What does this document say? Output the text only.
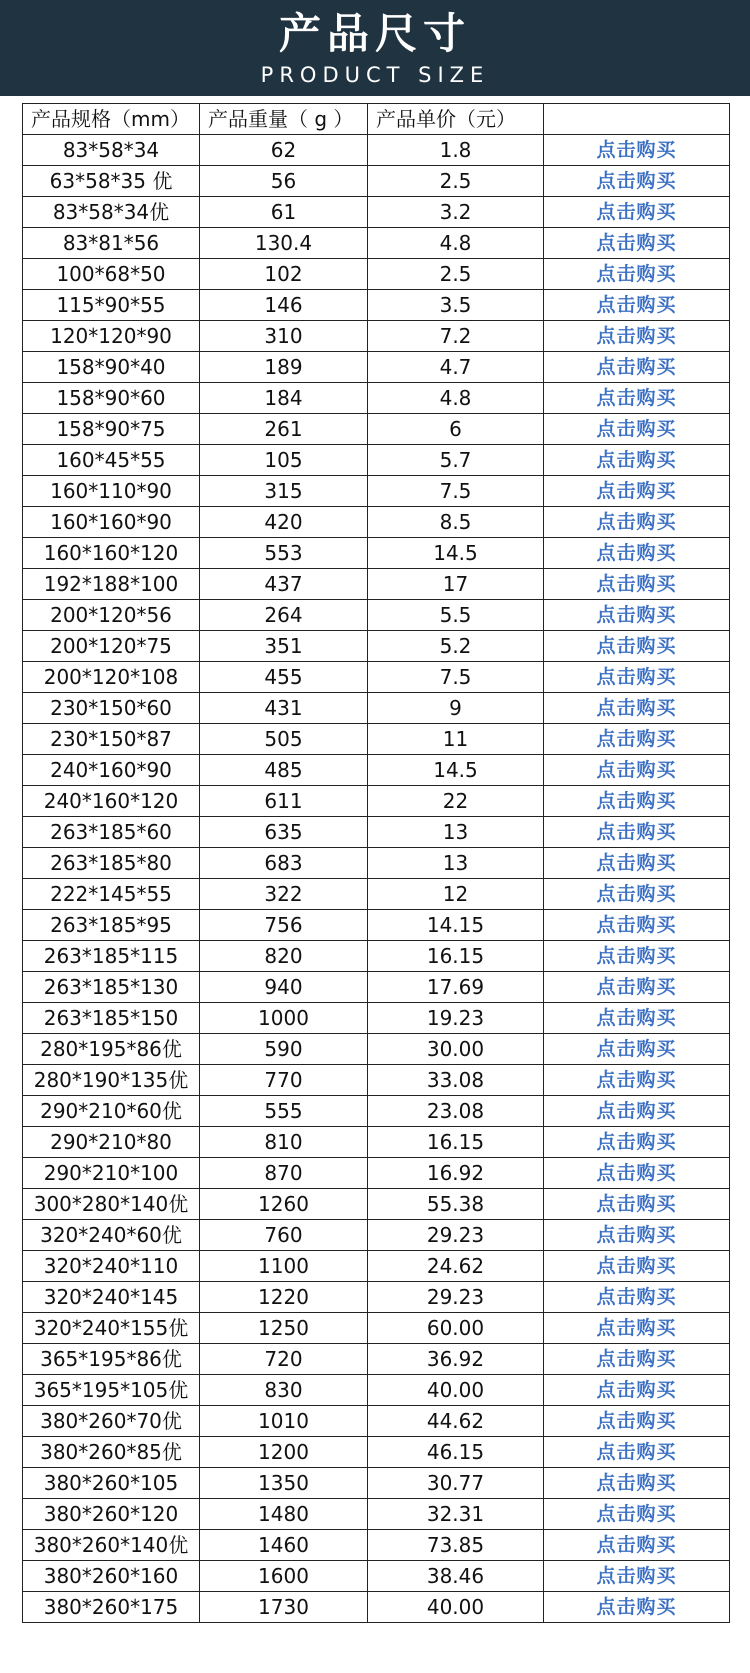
产品尺寸
PRODUCT SIZE
产品规格（mm）	产品重量（ g ）	产品单价（元）	
83*58*34	62	1.8	点击购买
63*58*35 优	56	2.5	点击购买
83*58*34优	61	3.2	点击购买
83*81*56	130.4	4.8	点击购买
100*68*50	102	2.5	点击购买
115*90*55	146	3.5	点击购买
120*120*90	310	7.2	点击购买
158*90*40	189	4.7	点击购买
158*90*60	184	4.8	点击购买
158*90*75	261	6	点击购买
160*45*55	105	5.7	点击购买
160*110*90	315	7.5	点击购买
160*160*90	420	8.5	点击购买
160*160*120	553	14.5	点击购买
192*188*100	437	17	点击购买
200*120*56	264	5.5	点击购买
200*120*75	351	5.2	点击购买
200*120*108	455	7.5	点击购买
230*150*60	431	9	点击购买
230*150*87	505	11	点击购买
240*160*90	485	14.5	点击购买
240*160*120	611	22	点击购买
263*185*60	635	13	点击购买
263*185*80	683	13	点击购买
222*145*55	322	12	点击购买
263*185*95	756	14.15	点击购买
263*185*115	820	16.15	点击购买
263*185*130	940	17.69	点击购买
263*185*150	1000	19.23	点击购买
280*195*86优	590	30.00	点击购买
280*190*135优	770	33.08	点击购买
290*210*60优	555	23.08	点击购买
290*210*80	810	16.15	点击购买
290*210*100	870	16.92	点击购买
300*280*140优	1260	55.38	点击购买
320*240*60优	760	29.23	点击购买
320*240*110	1100	24.62	点击购买
320*240*145	1220	29.23	点击购买
320*240*155优	1250	60.00	点击购买
365*195*86优	720	36.92	点击购买
365*195*105优	830	40.00	点击购买
380*260*70优	1010	44.62	点击购买
380*260*85优	1200	46.15	点击购买
380*260*105	1350	30.77	点击购买
380*260*120	1480	32.31	点击购买
380*260*140优	1460	73.85	点击购买
380*260*160	1600	38.46	点击购买
380*260*175	1730	40.00	点击购买
